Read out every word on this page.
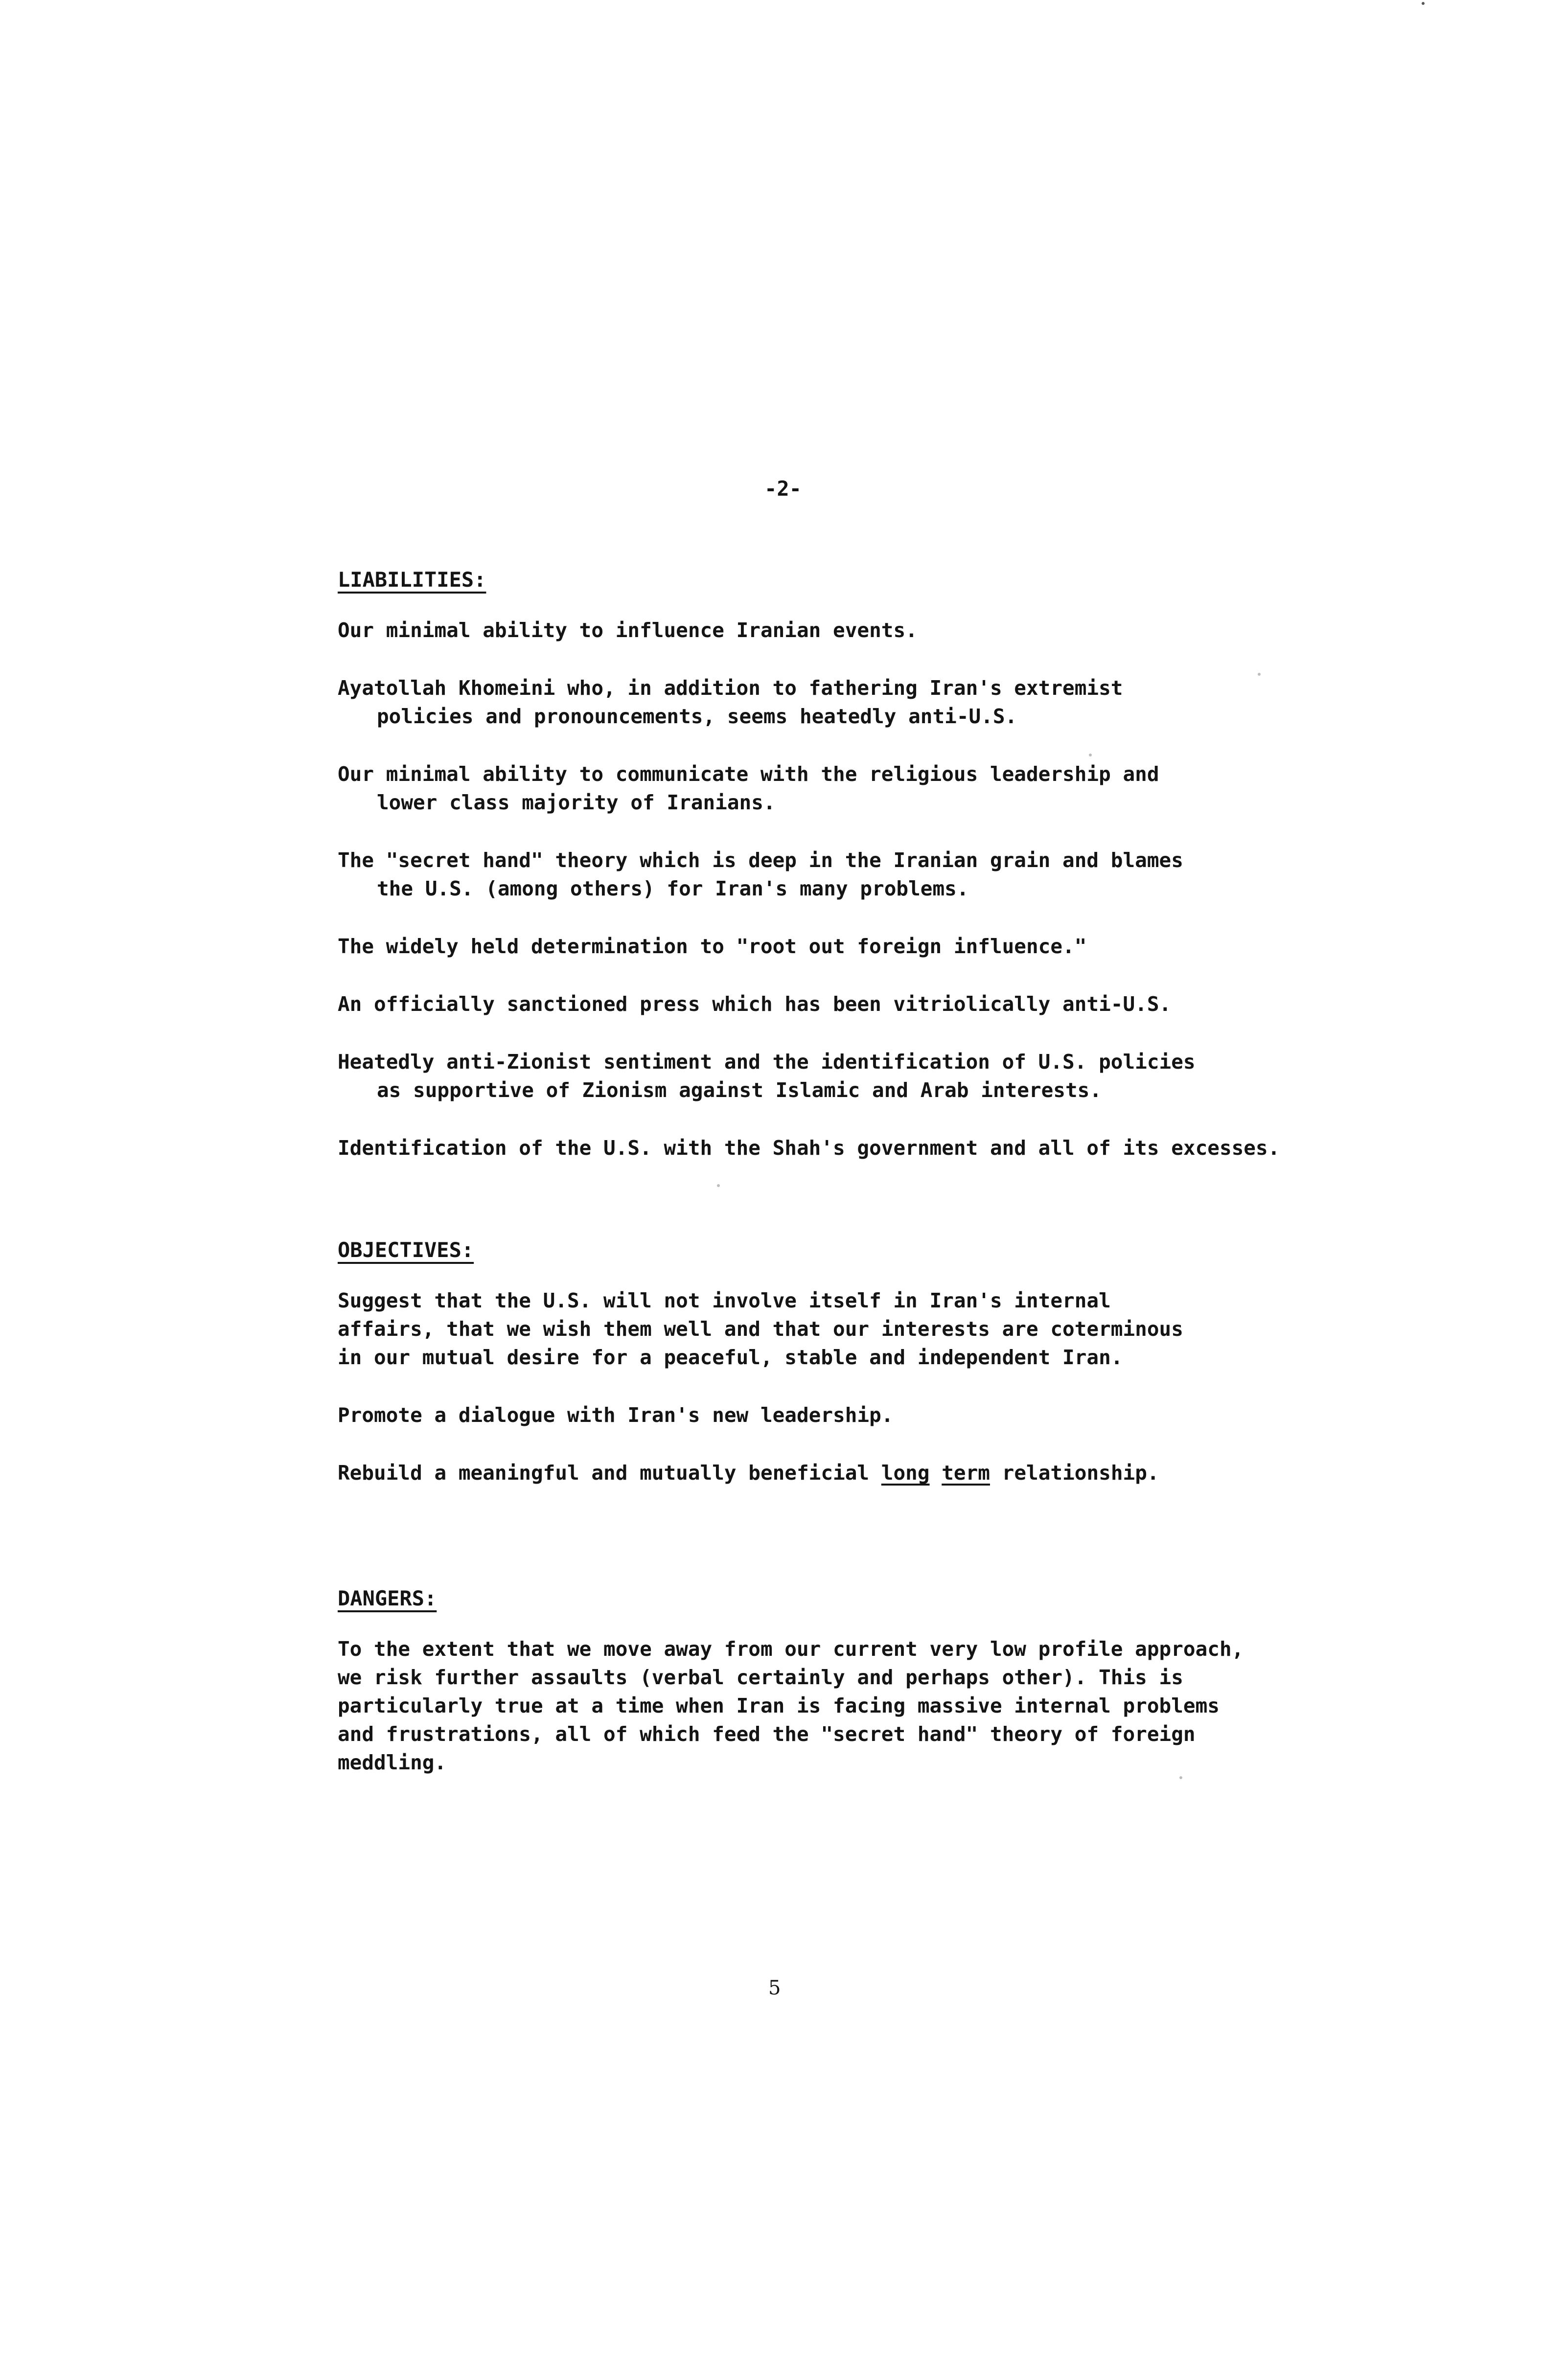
-2-
LIABILITIES:
Our minimal ability to influence Iranian events.
Ayatollah Khomeini who, in addition to fathering Iran's extremist policies and pronouncements, seems heatedly anti-U.S.
Our minimal ability to communicate with the religious leadership and lower class majority of Iranians.
The "secret hand" theory which is deep in the Iranian grain and blames the U.S. (among others) for Iran's many problems.
The widely held determination to "root out foreign influence."
An officially sanctioned press which has been vitriolically anti-U.S.
Heatedly anti-Zionist sentiment and the identification of U.S. policies as supportive of Zionism against Islamic and Arab interests.
Identification of the U.S. with the Shah's government and all of its excesses.
OBJECTIVES:
Suggest that the U.S. will not involve itself in Iran's internal affairs, that we wish them well and that our interests are coterminous in our mutual desire for a peaceful, stable and independent Iran.
Promote a dialogue with Iran's new leadership.
Rebuild a meaningful and mutually beneficial long term relationship.
DANGERS:
To the extent that we move away from our current very low profile approach, we risk further assaults (verbal certainly and perhaps other). This is particularly true at a time when Iran is facing massive internal problems and frustrations, all of which feed the "secret hand" theory of foreign meddling.
5
